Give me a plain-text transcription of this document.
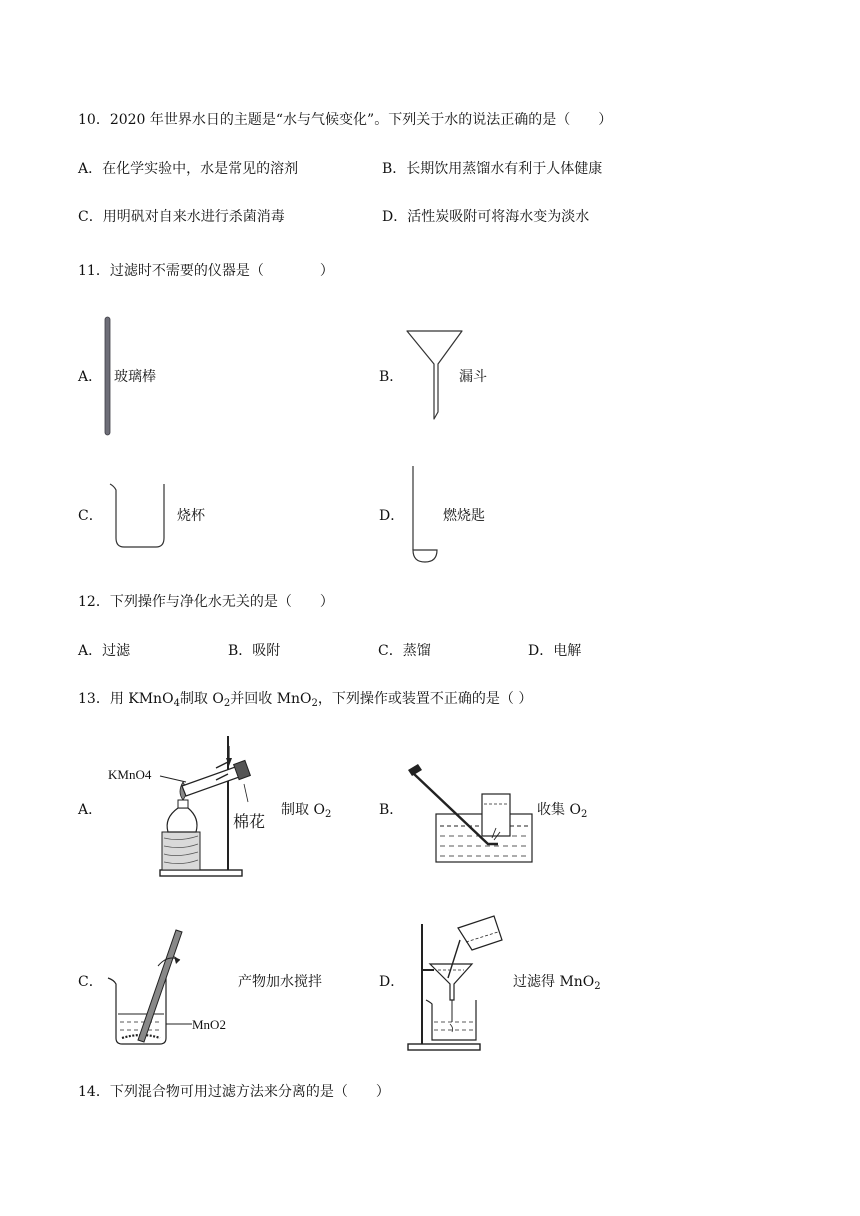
10．2020 年世界水日的主题是“水与气候变化”。下列关于水的说法正确的是（　　）
A．在化学实验中，水是常见的溶剂	B．长期饮用蒸馏水有利于人体健康
C．用明矾对自来水进行杀菌消毒	D．活性炭吸附可将海水变为淡水
11．过滤时不需要的仪器是（　　　　）
A． 玻璃棒	B．	漏斗
C．	烧杯	D．	燃烧匙
12．下列操作与净化水无关的是（　　）
A．过滤	B．吸附	C．蒸馏	D．电解
13．用 KMnO$_4$制取 $O_2$并回收 MnO$_2$，下列操作或装置不正确的是（ ）
A．
KMnO4
棉花
制取 $O_2$	B．	收集 $O_2$
C．
MnO2
产物加水搅拌	D．	过滤得 MnO$_2$
14．下列混合物可用过滤方法来分离的是（　　）
